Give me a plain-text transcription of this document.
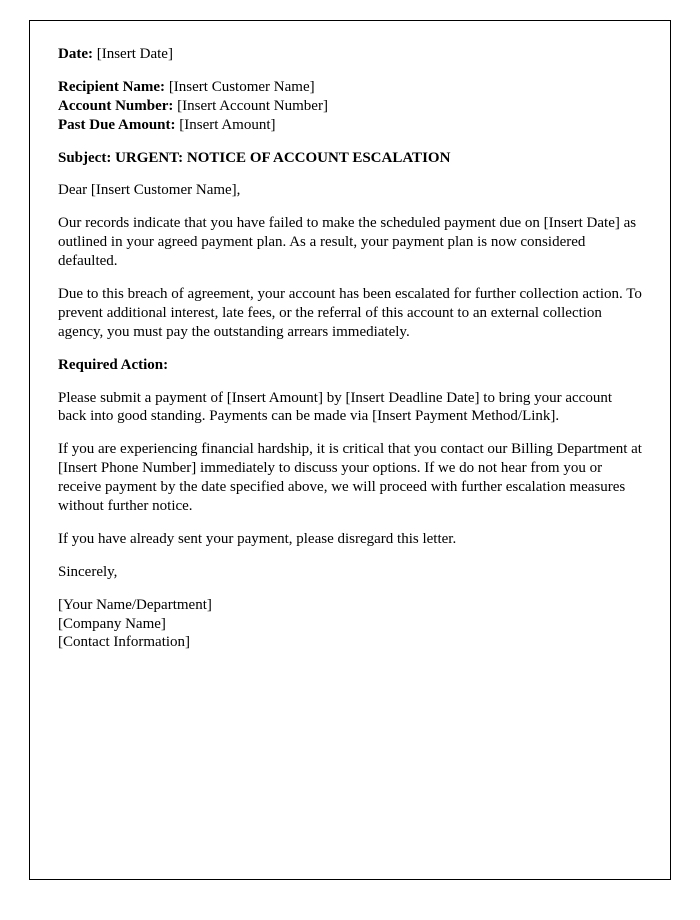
Date: [Insert Date]
Recipient Name: [Insert Customer Name]
Account Number: [Insert Account Number]
Past Due Amount: [Insert Amount]
Subject: URGENT: NOTICE OF ACCOUNT ESCALATION

Dear [Insert Customer Name],

Our records indicate that you have failed to make the scheduled payment due on [Insert Date] as outlined in your agreed payment plan. As a result, your payment plan is now considered defaulted.

Due to this breach of agreement, your account has been escalated for further collection action. To prevent additional interest, late fees, or the referral of this account to an external collection agency, you must pay the outstanding arrears immediately.

Required Action:

Please submit a payment of [Insert Amount] by [Insert Deadline Date] to bring your account back into good standing. Payments can be made via [Insert Payment Method/Link].

If you are experiencing financial hardship, it is critical that you contact our Billing Department at [Insert Phone Number] immediately to discuss your options. If we do not hear from you or receive payment by the date specified above, we will proceed with further escalation measures without further notice.

If you have already sent your payment, please disregard this letter.

Sincerely,

[Your Name/Department]
[Company Name]
[Contact Information]
